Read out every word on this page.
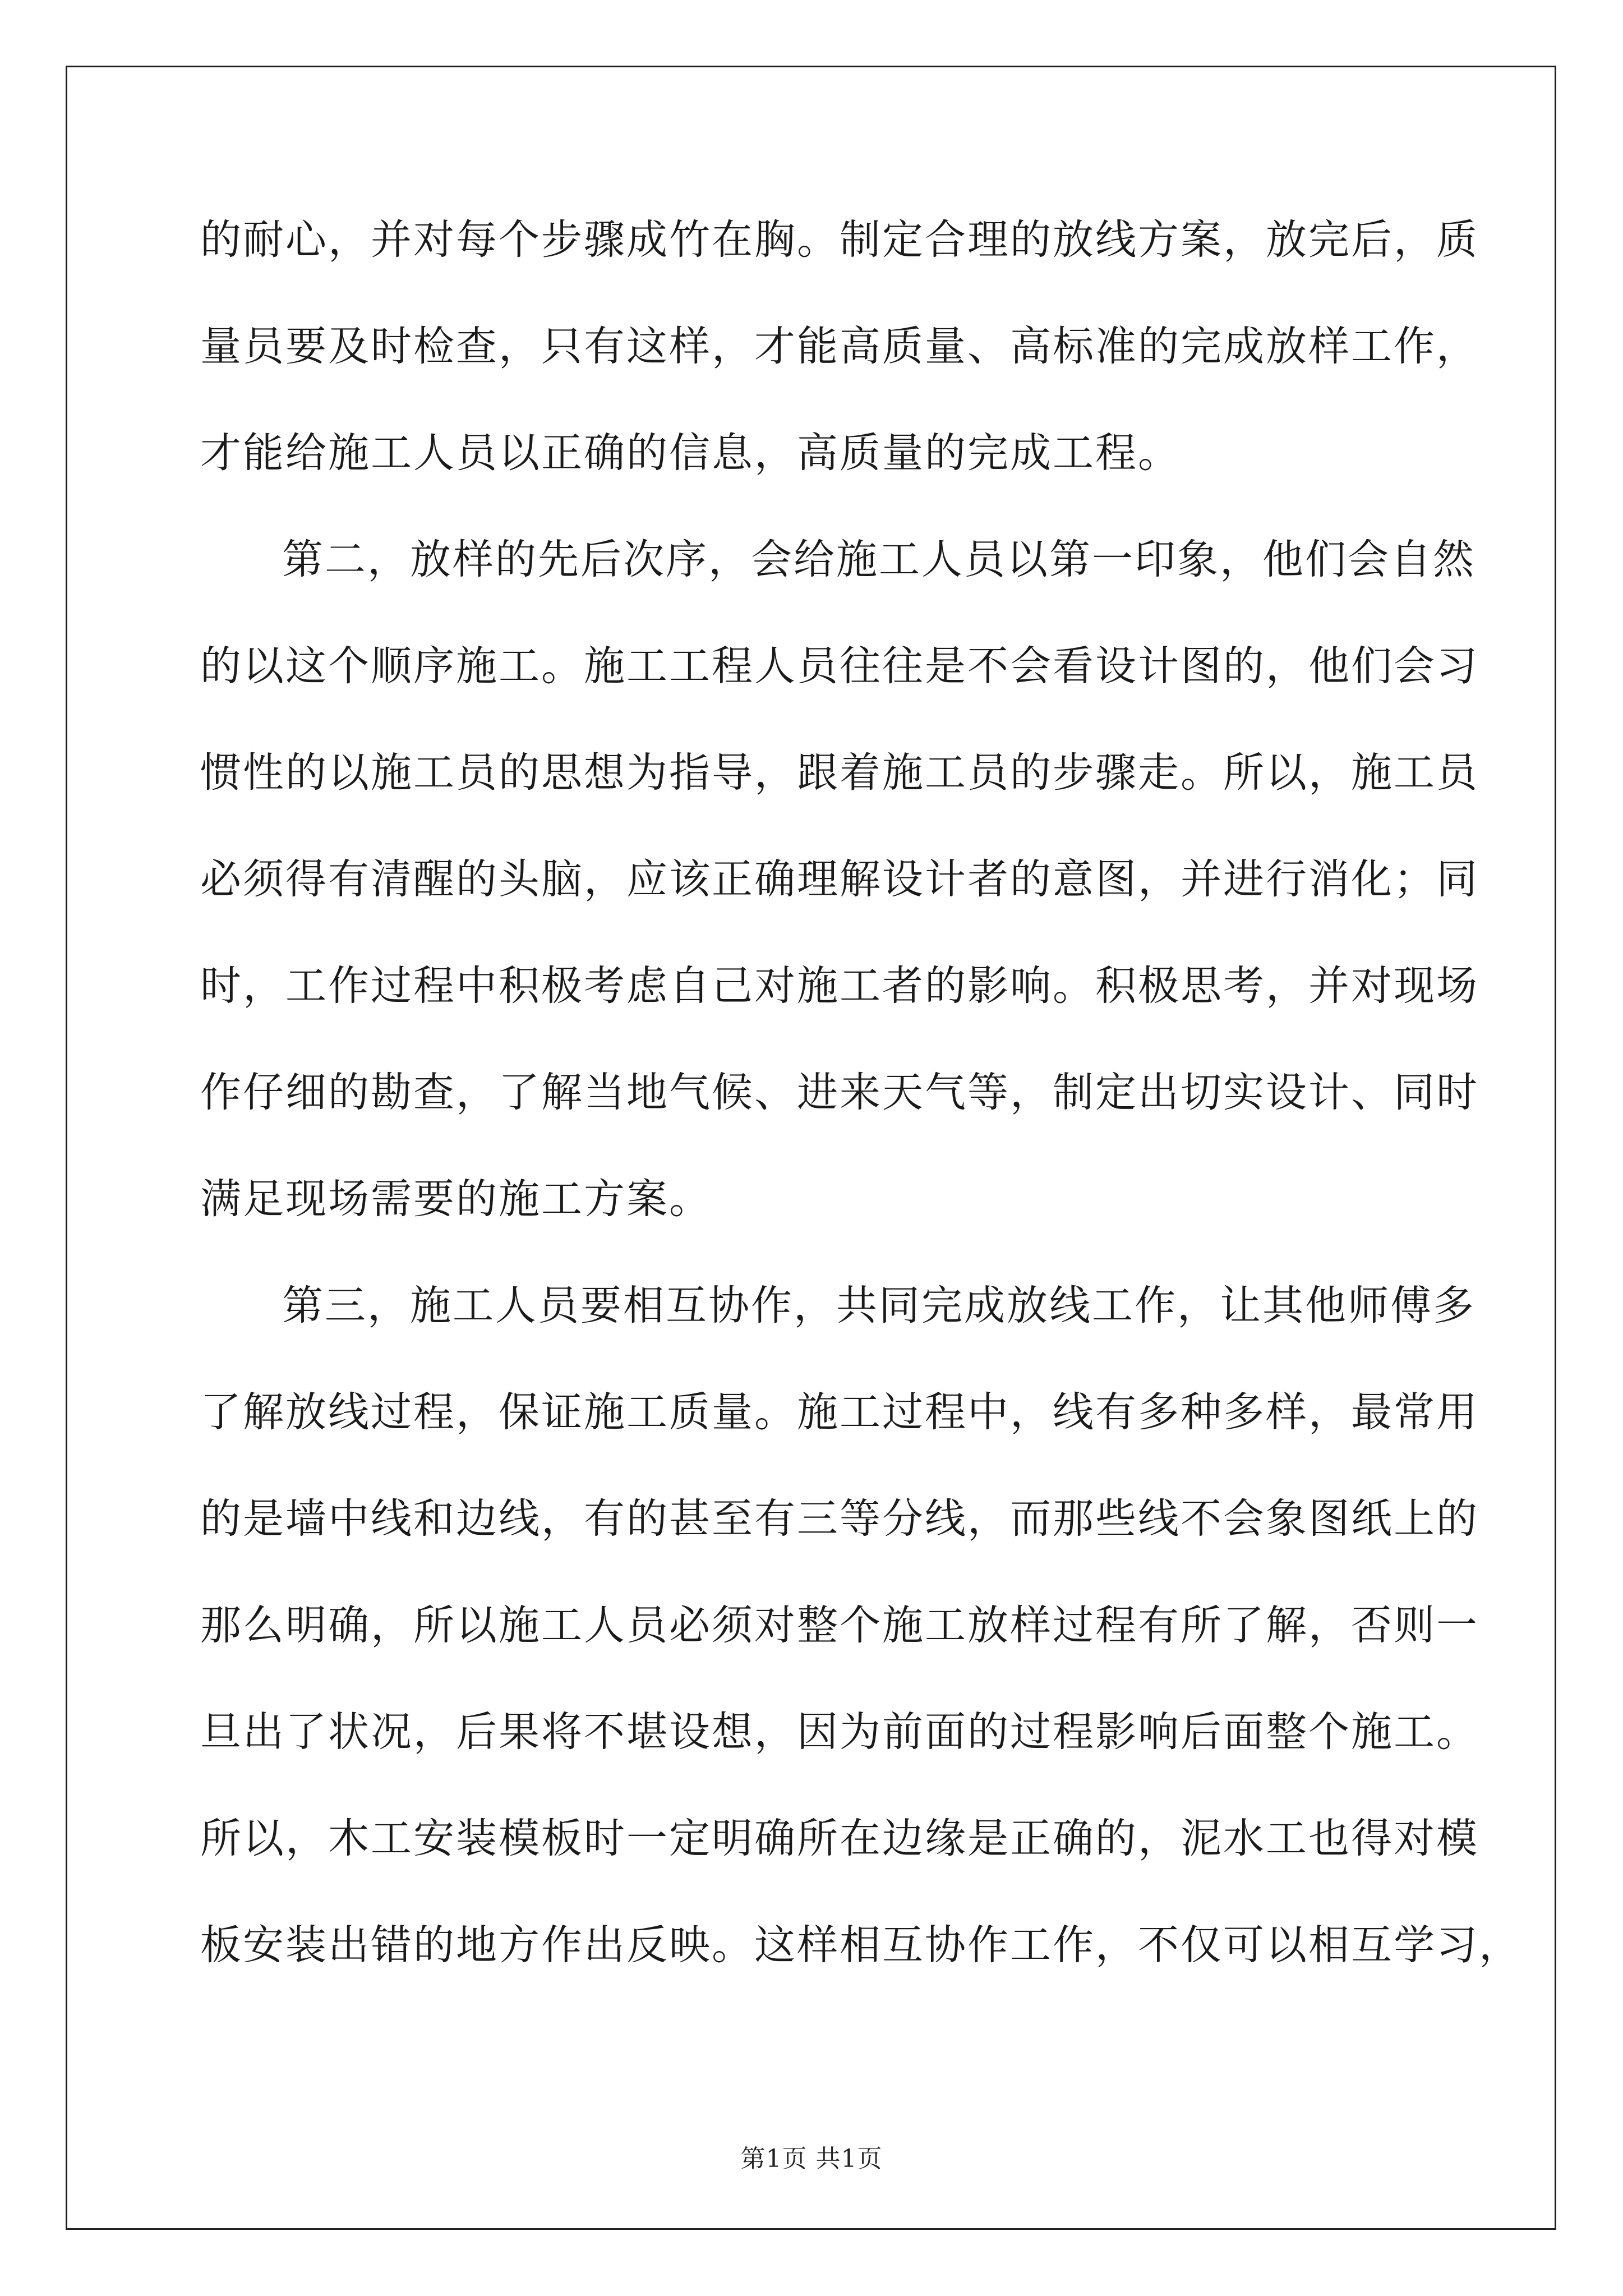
的耐心，并对每个步骤成竹在胸。制定合理的放线方案，放完后，质
量员要及时检查，只有这样，才能高质量、高标准的完成放样工作，
才能给施工人员以正确的信息，高质量的完成工程。
第二，放样的先后次序，会给施工人员以第一印象，他们会自然
的以这个顺序施工。施工工程人员往往是不会看设计图的，他们会习
惯性的以施工员的思想为指导，跟着施工员的步骤走。所以，施工员
必须得有清醒的头脑，应该正确理解设计者的意图，并进行消化；同
时，工作过程中积极考虑自己对施工者的影响。积极思考，并对现场
作仔细的勘查，了解当地气候、进来天气等，制定出切实设计、同时
满足现场需要的施工方案。
第三，施工人员要相互协作，共同完成放线工作，让其他师傅多
了解放线过程，保证施工质量。施工过程中，线有多种多样，最常用
的是墙中线和边线，有的甚至有三等分线，而那些线不会象图纸上的
那么明确，所以施工人员必须对整个施工放样过程有所了解，否则一
旦出了状况，后果将不堪设想，因为前面的过程影响后面整个施工。
所以，木工安装模板时一定明确所在边缘是正确的，泥水工也得对模
板安装出错的地方作出反映。这样相互协作工作，不仅可以相互学习，
第1页 共1页
